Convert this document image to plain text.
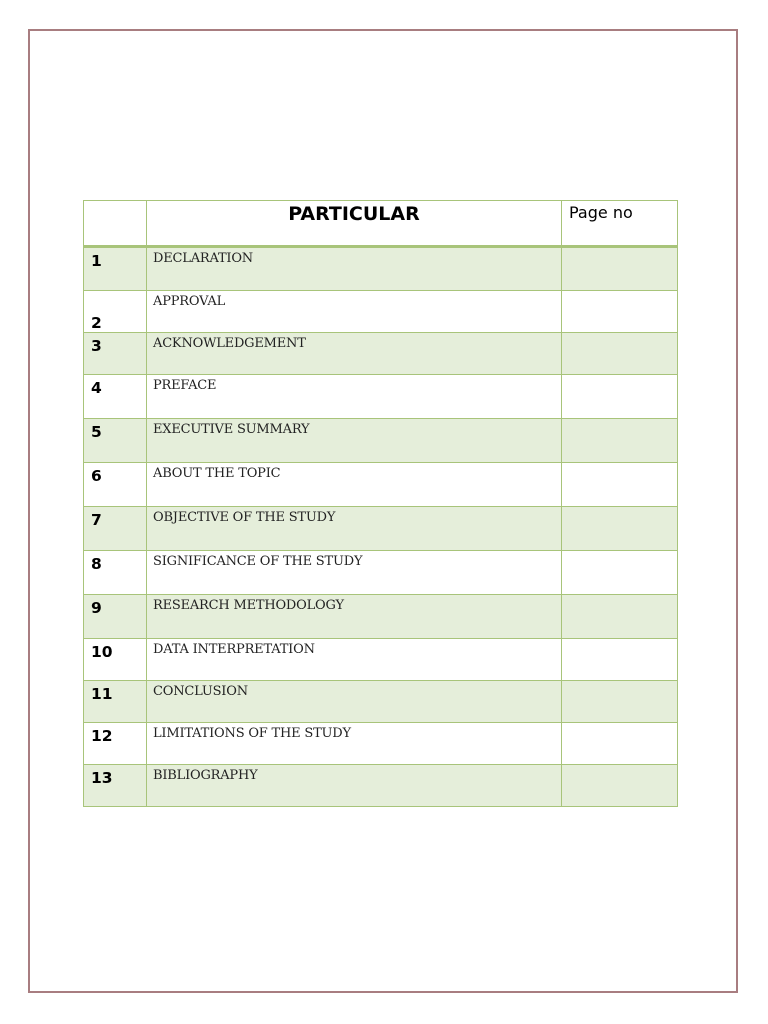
	PARTICULAR	Page no

1	DECLARATION	

2	APPROVAL	

3	ACKNOWLEDGEMENT	

4	PREFACE	

5	EXECUTIVE SUMMARY	

6	ABOUT THE TOPIC	

7	OBJECTIVE OF THE STUDY	

8	SIGNIFICANCE OF THE STUDY	

9	RESEARCH METHODOLOGY	

10	DATA INTERPRETATION	

11	CONCLUSION	

12	LIMITATIONS OF THE STUDY	

13	BIBLIOGRAPHY	
